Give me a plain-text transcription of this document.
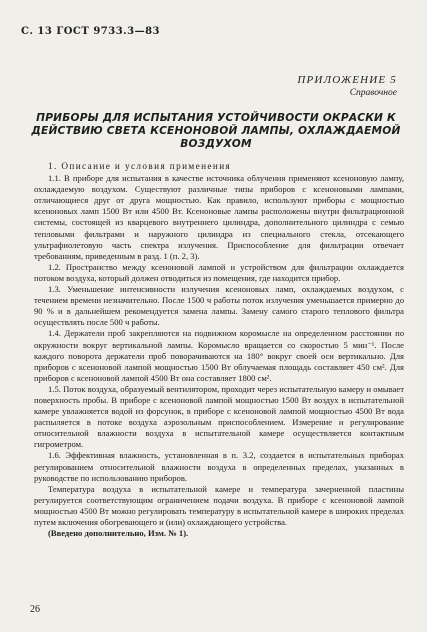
С. 13 ГОСТ 9733.3—83
ПРИЛОЖЕНИЕ 5
Справочное
ПРИБОРЫ ДЛЯ ИСПЫТАНИЯ УСТОЙЧИВОСТИ ОКРАСКИ К ДЕЙСТВИЮ СВЕТА КСЕНОНОВОЙ ЛАМПЫ, ОХЛАЖДАЕМОЙ ВОЗДУХОМ

1. Описание и условия применения

1.1. В приборе для испытания в качестве источника облучения применяют ксеноновую лампу, охлаждаемую воздухом. Существуют различные типы приборов с ксеноновыми лампами, отличающиеся друг от друга мощностью. Как правило, используют приборы с мощностью ксеноновых ламп 1500 Вт или 4500 Вт. Ксеноновые лампы расположены внутри фильтрационной системы, состоящей из кварцевого внутреннего цилиндра, дополнительного цилиндра с семью тепловыми фильтрами и наружного цилиндра из специального стекла, отсекающего ультрафиолетовую часть спектра излучения. Приспособление для фильтрации отвечает требованиям, приведенным в разд. 1 (п. 2, 3).

1.2. Пространство между ксеноновой лампой и устройством для фильтрации охлаждается потоком воздуха, который должен отводиться из помещения, где находится прибор.

1.3. Уменьшение интенсивности излучения ксеноновых ламп, охлаждаемых воздухом, с течением времени незначительно. После 1500 ч работы поток излучения уменьшается примерно до 90 % и в дальнейшем рекомендуется замена лампы. Замену самого старого теплового фильтра осуществлять после 500 ч работы.

1.4. Держатели проб закрепляются на подвижном коромысле на определенном расстоянии по окружности вокруг вертикальной лампы. Коромысло вращается со скоростью 5 мин⁻¹. После каждого поворота держатели проб поворачиваются на 180° вокруг своей оси вертикально. Для приборов с ксеноновой лампой мощностью 1500 Вт облучаемая площадь составляет 450 см². Для приборов с ксеноновой лампой 4500 Вт она составляет 1800 см².

1.5. Поток воздуха, образуемый вентилятором, проходит через испытательную камеру и омывает поверхность пробы. В приборе с ксеноновой лампой мощностью 1500 Вт воздух в испытательной камере увлажняется водой из форсунок, в приборе с ксеноновой лампой мощностью 4500 Вт вода распыляется в потоке воздуха аэрозольным приспособлением. Измерение и регулирование относительной влажности воздуха в испытательной камере осуществляется контактным гигрометром.

1.6. Эффективная влажность, установленная в п. 3.2, создается в испытательных приборах регулированием относительной влажности воздуха в определенных пределах, указанных в руководстве по использованию приборов.

Температура воздуха в испытательной камере и температура зачерненной пластины регулируется соответствующим ограничением подачи воздуха. В приборе с ксеноновой лампой мощностью 4500 Вт можно регулировать температуру в испытательной камере в широких пределах путем включения обогревающего и (или) охлаждающего устройства.

(Введено дополнительно, Изм. № 1).

26
